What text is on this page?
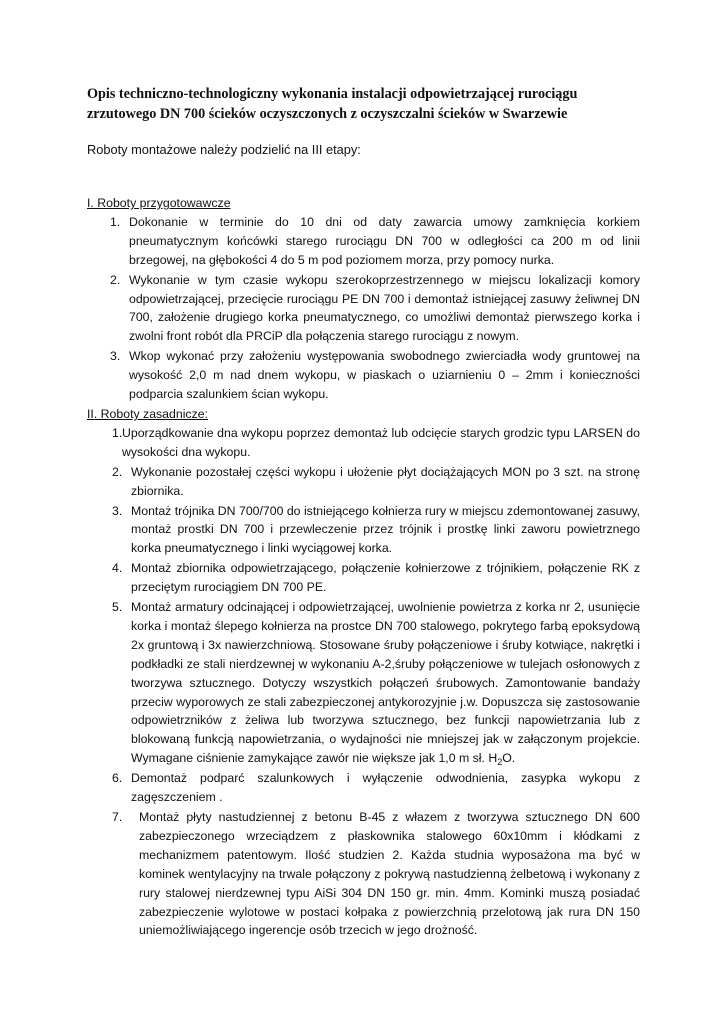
Opis techniczno-technologiczny wykonania instalacji odpowietrzającej rurociągu zrzutowego DN 700 ścieków oczyszczonych z oczyszczalni ścieków w Swarzewie

Roboty montażowe należy podzielić na III etapy:

I. Roboty przygotowawcze

1. Dokonanie w terminie do 10 dni od daty zawarcia umowy zamknięcia korkiem pneumatycznym końcówki starego rurociągu DN 700 w odległości ca 200 m od linii brzegowej, na głębokości 4 do 5 m pod poziomem morza, przy pomocy nurka.

2. Wykonanie w tym czasie wykopu szerokoprzestrzennego w miejscu lokalizacji komory odpowietrzającej, przecięcie rurociągu PE DN 700 i demontaż istniejącej zasuwy żeliwnej DN 700, założenie drugiego korka pneumatycznego, co umożliwi demontaż pierwszego korka i zwolni front robót dla PRCiP dla połączenia starego rurociągu z nowym.

3. Wkop wykonać przy założeniu występowania swobodnego zwierciadła wody gruntowej na wysokość 2,0 m nad dnem wykopu, w piaskach o uziarnieniu 0 – 2mm i konieczności podparcia szalunkiem ścian wykopu.

II. Roboty zasadnicze:

1. Uporządkowanie dna wykopu poprzez demontaż lub odcięcie starych grodzic typu LARSEN do wysokości dna wykopu.

2. Wykonanie pozostałej części wykopu i ułożenie płyt dociążających MON po 3 szt. na stronę zbiornika.

3. Montaż trójnika DN 700/700 do istniejącego kołnierza rury w miejscu zdemontowanej zasuwy, montaż prostki DN 700 i przewleczenie przez trójnik i prostkę linki zaworu powietrznego korka pneumatycznego i linki wyciągowej korka.

4. Montaż zbiornika odpowietrzającego, połączenie kołnierzowe z trójnikiem, połączenie RK z przeciętym rurociągiem DN 700 PE.

5. Montaż armatury odcinającej i odpowietrzającej, uwolnienie powietrza z korka nr 2, usunięcie korka i montaż ślepego kołnierza na prostce DN 700 stalowego, pokrytego farbą epoksydową 2x gruntową i 3x nawierzchniową. Stosowane śruby połączeniowe i śruby kotwiące, nakrętki i podkładki ze stali nierdzewnej w wykonaniu A-2,śruby połączeniowe w tulejach osłonowych z tworzywa sztucznego. Dotyczy wszystkich połączeń śrubowych. Zamontowanie bandaży przeciw wyporowych ze stali zabezpieczonej antykorozyjnie j.w. Dopuszcza się zastosowanie odpowietrzników z żeliwa lub tworzywa sztucznego, bez funkcji napowietrzania lub z blokowaną funkcją napowietrzania, o wydajności nie mniejszej jak w załączonym projekcie. Wymagane ciśnienie zamykające zawór nie większe jak 1,0 m sł. $H_2O$.

6. Demontaż podparć szalunkowych i wyłączenie odwodnienia, zasypka wykopu z zagęszczeniem .

7.	Montaż płyty nastudziennej z betonu B-45 z włazem z tworzywa sztucznego DN 600 zabezpieczonego wrzeciądzem z płaskownika stalowego 60x10mm i kłódkami z mechanizmem patentowym. Ilość studzien 2. Każda studnia wyposażona ma być w kominek wentylacyjny na trwale połączony z pokrywą nastudzienną żelbetową i wykonany z rury stalowej nierdzewnej typu AiSi 304 DN 150 gr. min. 4mm. Kominki muszą posiadać zabezpieczenie wylotowe w postaci kołpaka z powierzchnią przelotową jak rura DN 150 uniemożliwiającego ingerencje osób trzecich w jego drożność.
